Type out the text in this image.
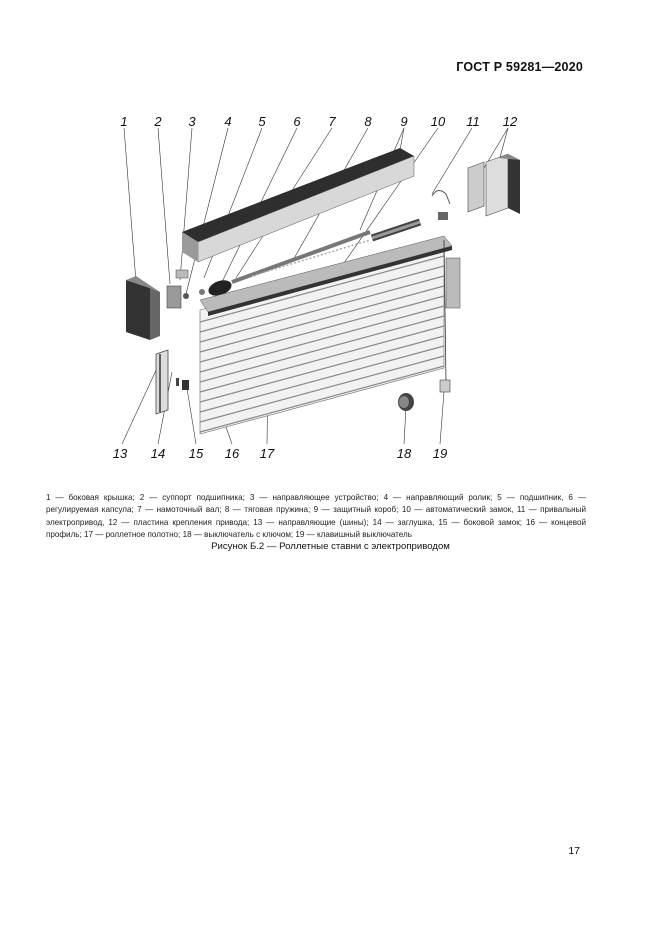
ГОСТ Р 59281—2020
1 2 3 4 5 6 7 8 9 10 11 12
13 14 15 16 17	18 19
1 — боковая крышка; 2 — суппорт подшипника; 3 — направляющее устройство; 4 — направляющий ролик; 5 — подшипник, 6 — регулируемая капсула; 7 — намоточный вал; 8 — тяговая пружина; 9 — защитный короб; 10 — автоматический замок, 11 — привальный электропривод, 12 — пластина крепления привода; 13 — направляющие (шины); 14 — заглушка, 15 — боковой замок; 16 — концевой профиль; 17 — роллетное полотно; 18 — выключатель с ключом; 19 — клавишный выключатель
Рисунок Б.2 — Роллетные ставни с электроприводом
17
